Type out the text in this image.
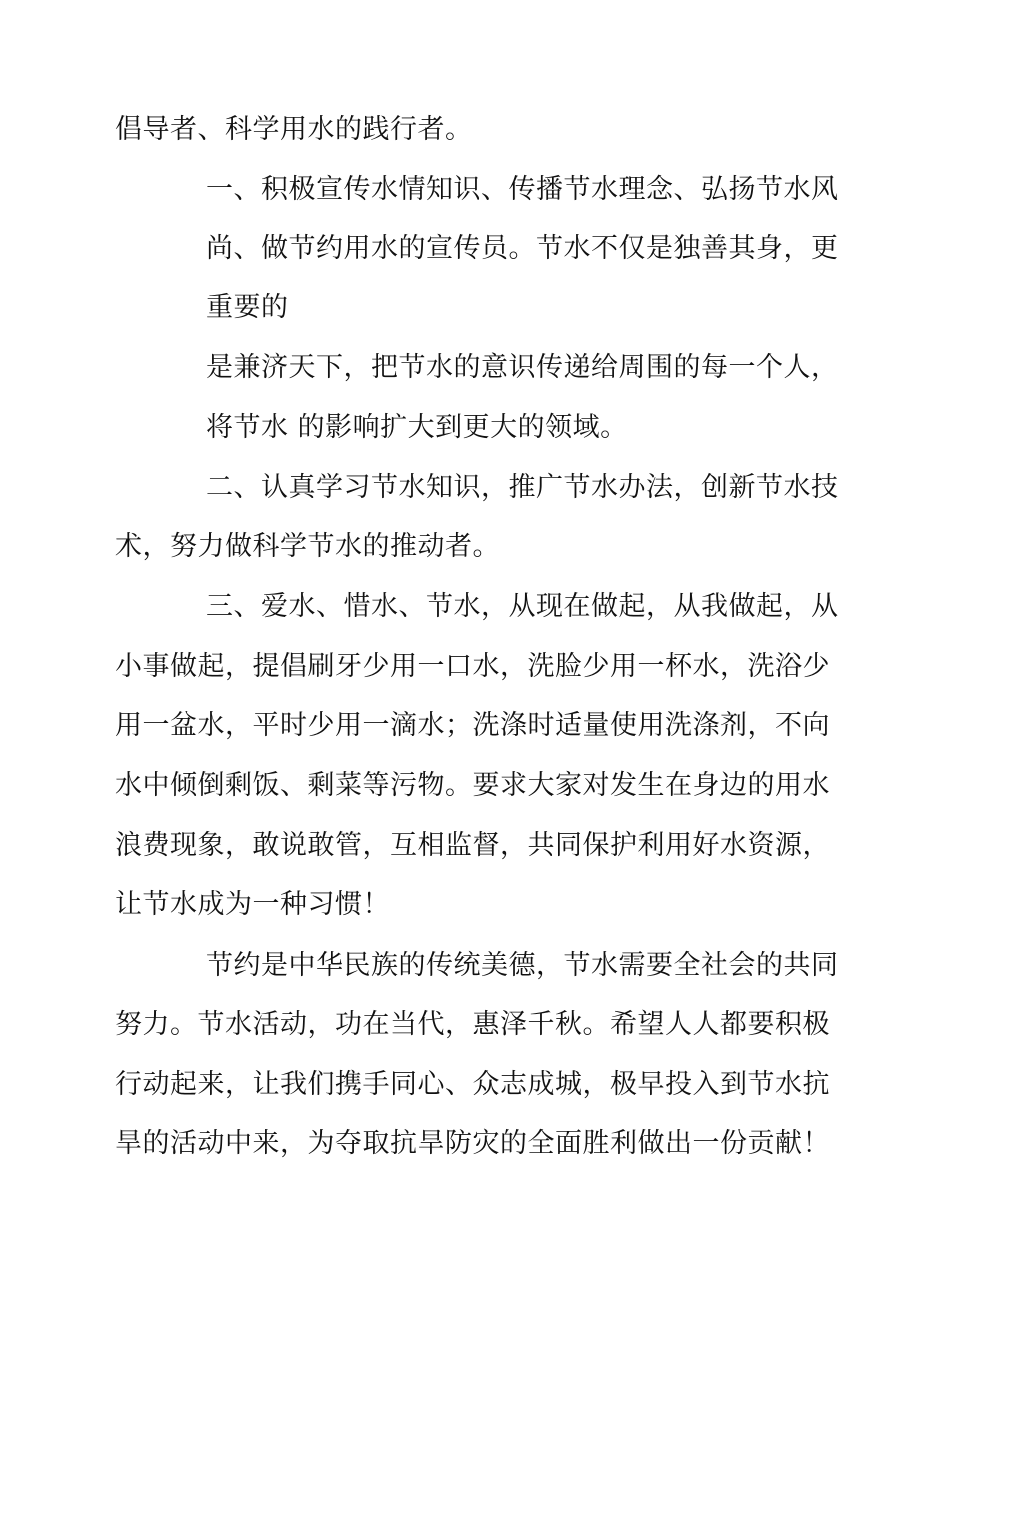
倡导者、科学用水的践行者。
一、积极宣传水情知识、传播节水理念、弘扬节水风
尚、做节约用水的宣传员。节水不仅是独善其身，更
重要的
是兼济天下，把节水的意识传递给周围的每一个人，
将节水 的影响扩大到更大的领域。
二、认真学习节水知识，推广节水办法，创新节水技
术，努力做科学节水的推动者。
三、爱水、惜水、节水，从现在做起，从我做起，从
小事做起，提倡刷牙少用一口水，洗脸少用一杯水，洗浴少
用一盆水，平时少用一滴水；洗涤时适量使用洗涤剂，不向
水中倾倒剩饭、剩菜等污物。要求大家对发生在身边的用水
浪费现象，敢说敢管，互相监督，共同保护利用好水资源，
让节水成为一种习惯！
节约是中华民族的传统美德，节水需要全社会的共同
努力。节水活动，功在当代，惠泽千秋。希望人人都要积极
行动起来，让我们携手同心、众志成城，极早投入到节水抗
旱的活动中来，为夺取抗旱防灾的全面胜利做出一份贡献！
